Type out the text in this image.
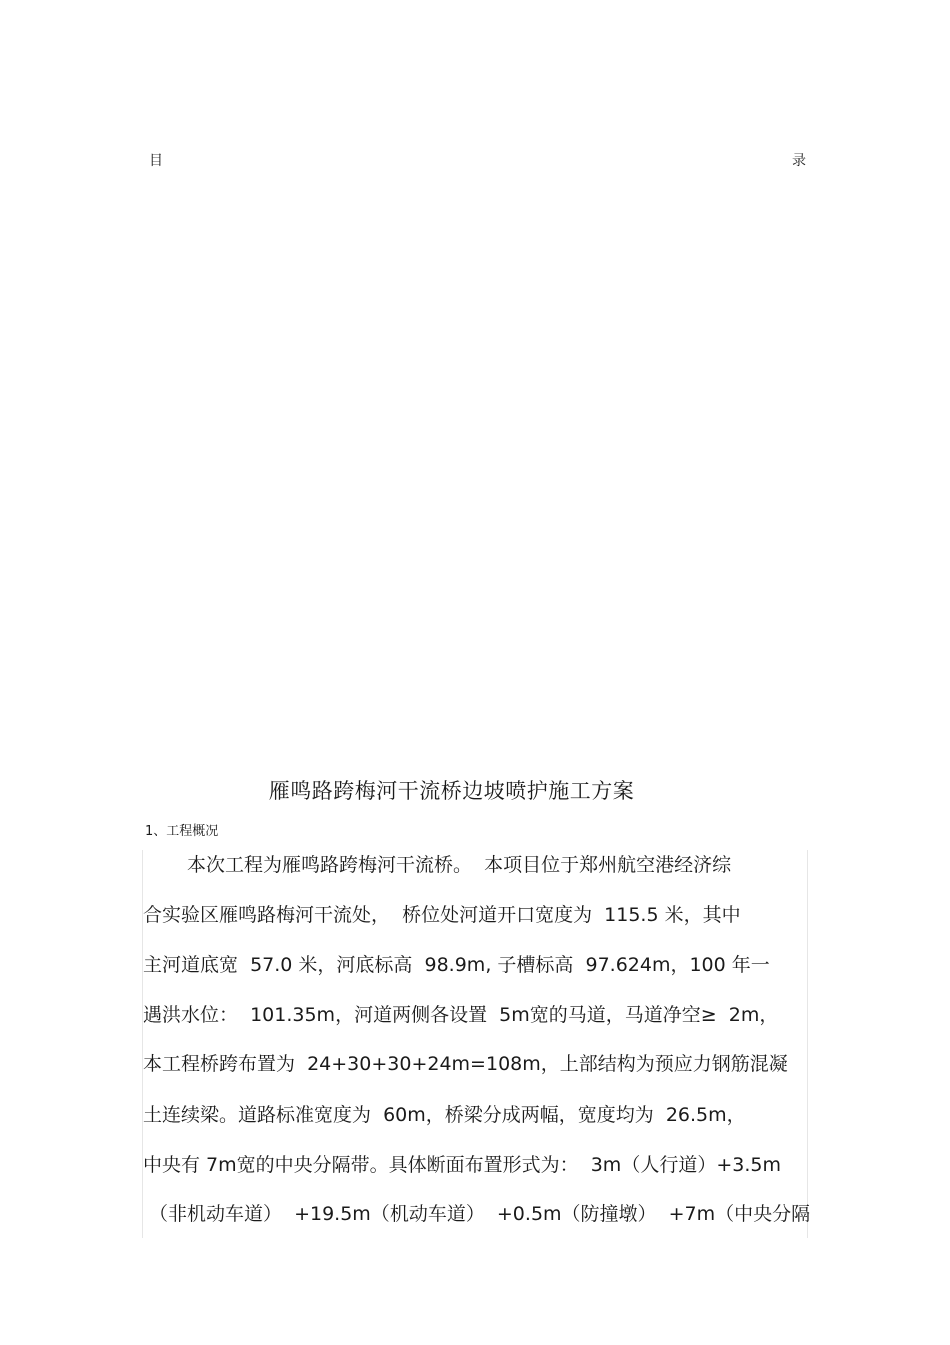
目	录
雁鸣路跨梅河干流桥边坡喷护施工方案
1、工程概况
本次工程为雁鸣路跨梅河干流桥。  本项目位于郑州航空港经济综
合实验区雁鸣路梅河干流处，  桥位处河道开口宽度为  115.5 米，其中
主河道底宽  57.0 米，河底标高  98.9m, 子槽标高  97.624m，100 年一
遇洪水位：  101.35m，河道两侧各设置  5m宽的马道，马道净空≥  2m，
本工程桥跨布置为  24+30+30+24m=108m，上部结构为预应力钢筋混凝
土连续梁。道路标准宽度为  60m，桥梁分成两幅，宽度均为  26.5m，
中央有 7m宽的中央分隔带。具体断面布置形式为：  3m（人行道）+3.5m
（非机动车道）  +19.5m（机动车道）  +0.5m（防撞墩）  +7m（中央分隔
